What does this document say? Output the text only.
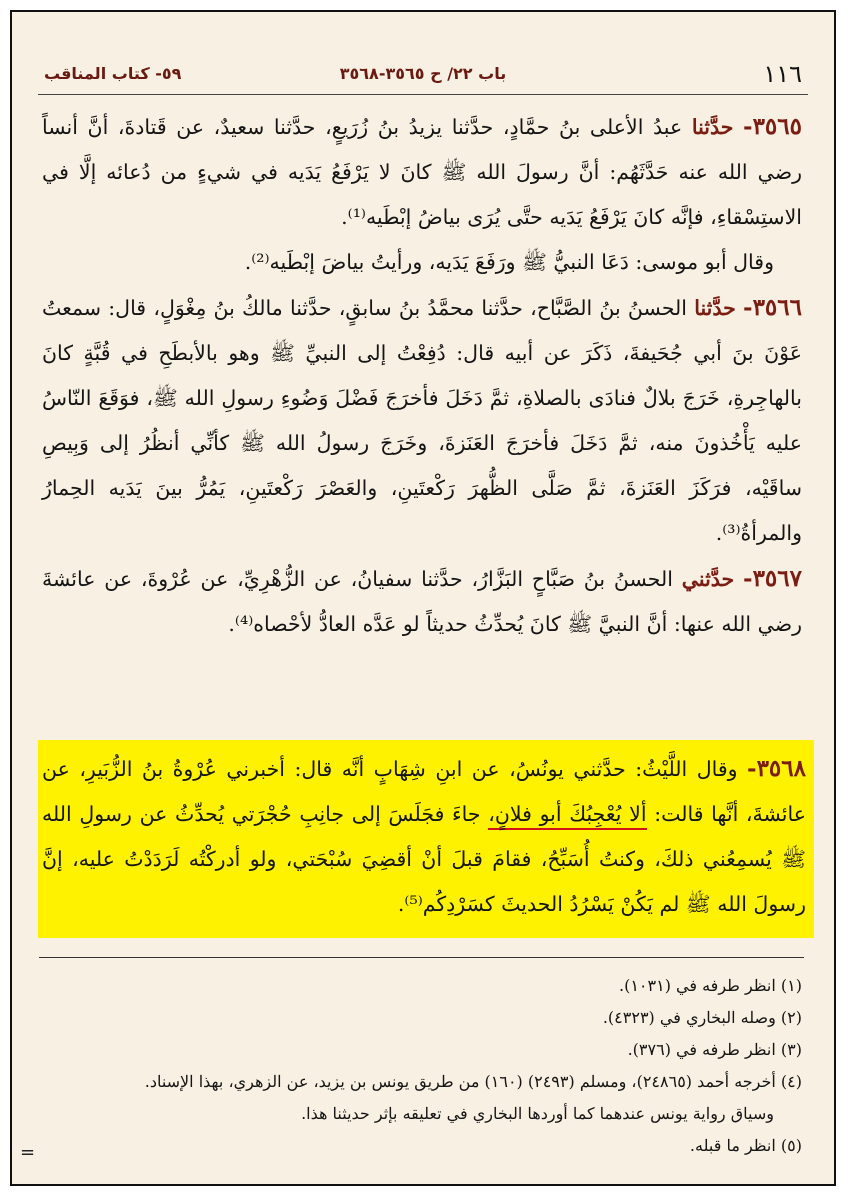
١١٦
باب ٢٢/ ح ٣٥٦٥-٣٥٦٨
٥٩- كتاب المناقب

٣٥٦٥- حدَّثنا عبدُ الأعلى بنُ حمَّادٍ، حدَّثنا يزيدُ بنُ زُرَيعٍ، حدَّثنا سعيدٌ، عن قَتادةَ، أنَّ أنساً رضي الله عنه حَدَّثَهُم: أنَّ رسولَ الله ﷺ كانَ لا يَرْفَعُ يَدَيه في شيءٍ من دُعائه إلَّا في الاستِسْقاءِ، فإنَّه كانَ يَرْفَعُ يَدَيه حتَّى يُرَى بياضُ إبْطَيه⁽¹⁾.

وقال أبو موسى: دَعَا النبيُّ ﷺ ورَفَعَ يَدَيه، ورأيتُ بياضَ إبْطَيه⁽²⁾.

٣٥٦٦- حدَّثنا الحسنُ بنُ الصَّبَّاح، حدَّثنا محمَّدُ بنُ سابقٍ، حدَّثنا مالكُ بنُ مِغْوَلٍ، قال: سمعتُ عَوْنَ بنَ أبي جُحَيفةَ، ذَكَرَ عن أبيه قال: دُفِعْتُ إلى النبيِّ ﷺ وهو بالأبطَحِ في قُبَّةٍ كانَ بالهاجِرةِ، خَرَجَ بلالٌ فنادَى بالصلاةِ، ثمَّ دَخَلَ فأخرَجَ فَضْلَ وَضُوءِ رسولِ الله ﷺ، فوَقَعَ النّاسُ عليه يَأْخُذونَ منه، ثمَّ دَخَلَ فأخرَجَ العَنَزةَ، وخَرَجَ رسولُ الله ﷺ كأنِّي أنظُرُ إلى وَبِيصِ ساقَيْه، فرَكَزَ العَنَزةَ، ثمَّ صَلَّى الظُّهرَ رَكْعتَينِ، والعَصْرَ رَكْعتَينِ، يَمُرُّ بينَ يَدَيه الحِمارُ والمرأةُ⁽³⁾.

٣٥٦٧- حدَّثني الحسنُ بنُ صَبَّاحٍ البَزَّارُ، حدَّثنا سفيانُ، عن الزُّهْرِيِّ، عن عُرْوةَ، عن عائشةَ رضي الله عنها: أنَّ النبيَّ ﷺ كانَ يُحدِّثُ حديثاً لو عَدَّه العادُّ لأحْصاه⁽⁴⁾.

٣٥٦٨- وقال اللَّيْثُ: حدَّثني يونُسُ، عن ابنِ شِهَابٍ أنَّه قال: أخبرني عُرْوةُ بنُ الزُّبَيرِ، عن عائشةَ، أنَّها قالت: ألا يُعْجِبُكَ أبو فلانٍ، جاءَ فجَلَسَ إلى جانِبِ حُجْرَتي يُحدِّثُ عن رسولِ الله ﷺ يُسمِعُني ذلكَ، وكنتُ أُسَبِّحُ، فقامَ قبلَ أنْ أقضِيَ سُبْحَتي، ولو أدركْتُه لَرَدَدْتُ عليه، إنَّ رسولَ الله ﷺ لم يَكُنْ يَسْرُدُ الحديثَ كسَرْدِكُم⁽⁵⁾.

(١) انظر طرفه في (١٠٣١).

(٢) وصله البخاري في (٤٣٢٣).

(٣) انظر طرفه في (٣٧٦).

(٤) أخرجه أحمد (٢٤٨٦٥)، ومسلم (٢٤٩٣) (١٦٠) من طريق يونس بن يزيد، عن الزهري، بهذا الإسناد.

وسياق رواية يونس عندهما كما أوردها البخاري في تعليقه بإثر حديثنا هذا.

(٥) انظر ما قبله.

=
